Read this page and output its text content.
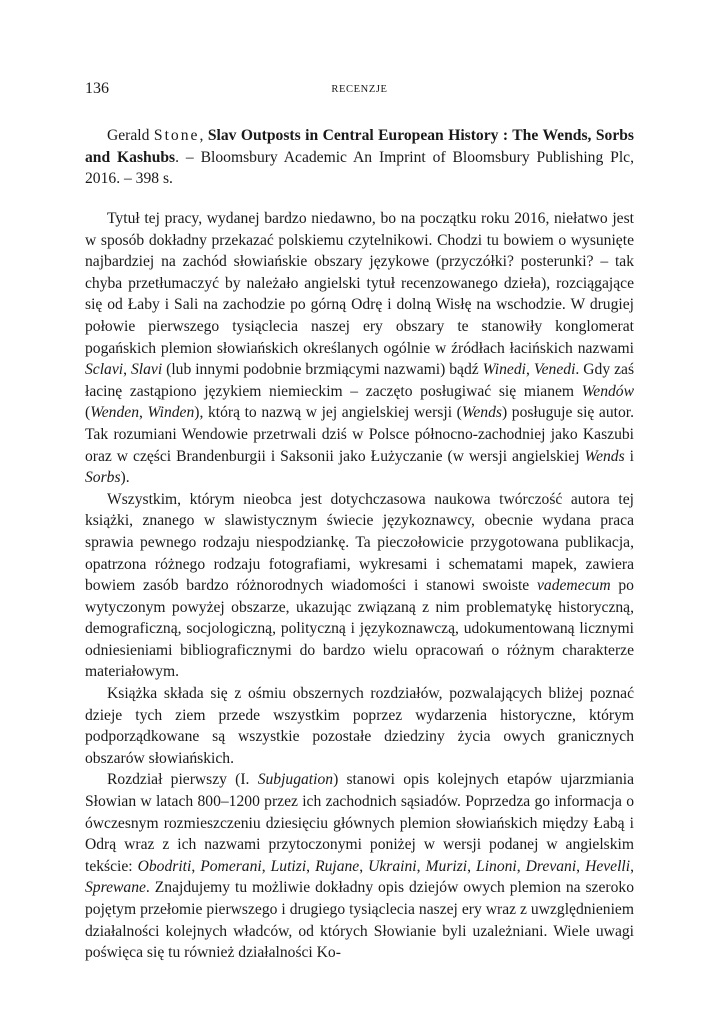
136	RECENZJE

Gerald Stone, Slav Outposts in Central European History : The Wends, Sorbs and Kashubs. – Bloomsbury Academic An Imprint of Bloomsbury Publishing Plc, 2016. – 398 s.

Tytuł tej pracy, wydanej bardzo niedawno, bo na początku roku 2016, niełatwo jest w sposób dokładny przekazać polskiemu czytelnikowi. Chodzi tu bowiem o wysunięte najbardziej na zachód słowiańskie obszary językowe (przyczółki? posterunki? – tak chyba przetłumaczyć by należało angielski tytuł recenzowanego dzieła), rozciągające się od Łaby i Sali na zachodzie po górną Odrę i dolną Wisłę na wschodzie. W drugiej połowie pierwszego tysiąclecia naszej ery obszary te stanowiły konglomerat pogańskich plemion słowiańskich określanych ogólnie w źródłach łacińskich nazwami Sclavi, Slavi (lub innymi podobnie brzmiącymi nazwami) bądź Winedi, Venedi. Gdy zaś łacinę zastąpiono językiem niemieckim – zaczęto posługiwać się mianem Wendów (Wenden, Winden), którą to nazwą w jej angielskiej wersji (Wends) posługuje się autor. Tak rozumiani Wendowie przetrwali dziś w Polsce północno-zachodniej jako Kaszubi oraz w części Brandenburgii i Saksonii jako Łużyczanie (w wersji angielskiej Wends i Sorbs).

Wszystkim, którym nieobca jest dotychczasowa naukowa twórczość autora tej książki, znanego w slawistycznym świecie językoznawcy, obecnie wydana praca sprawia pewnego rodzaju niespodziankę. Ta pieczołowicie przygotowana publikacja, opatrzona różnego rodzaju fotografiami, wykresami i schematami mapek, zawiera bowiem zasób bardzo różnorodnych wiadomości i stanowi swoiste vademecum po wytyczonym powyżej obszarze, ukazując związaną z nim problematykę historyczną, demograficzną, socjologiczną, polityczną i językoznawczą, udokumentowaną licznymi odniesieniami bibliograficznymi do bardzo wielu opracowań o różnym charakterze materiałowym.

Książka składa się z ośmiu obszernych rozdziałów, pozwalających bliżej poznać dzieje tych ziem przede wszystkim poprzez wydarzenia historyczne, którym podporządkowane są wszystkie pozostałe dziedziny życia owych granicznych obszarów słowiańskich.

Rozdział pierwszy (I. Subjugation) stanowi opis kolejnych etapów ujarzmiania Słowian w latach 800–1200 przez ich zachodnich sąsiadów. Poprzedza go informacja o ówczesnym rozmieszczeniu dziesięciu głównych plemion słowiańskich między Łabą i Odrą wraz z ich nazwami przytoczonymi poniżej w wersji podanej w angielskim tekście: Obodriti, Pomerani, Lutizi, Rujane, Ukraini, Murizi, Linoni, Drevani, Hevelli, Sprewane. Znajdujemy tu możliwie dokładny opis dziejów owych plemion na szeroko pojętym przełomie pierwszego i drugiego tysiąclecia naszej ery wraz z uwzględnieniem działalności kolejnych władców, od których Słowianie byli uzależniani. Wiele uwagi poświęca się tu również działalności Ko-
